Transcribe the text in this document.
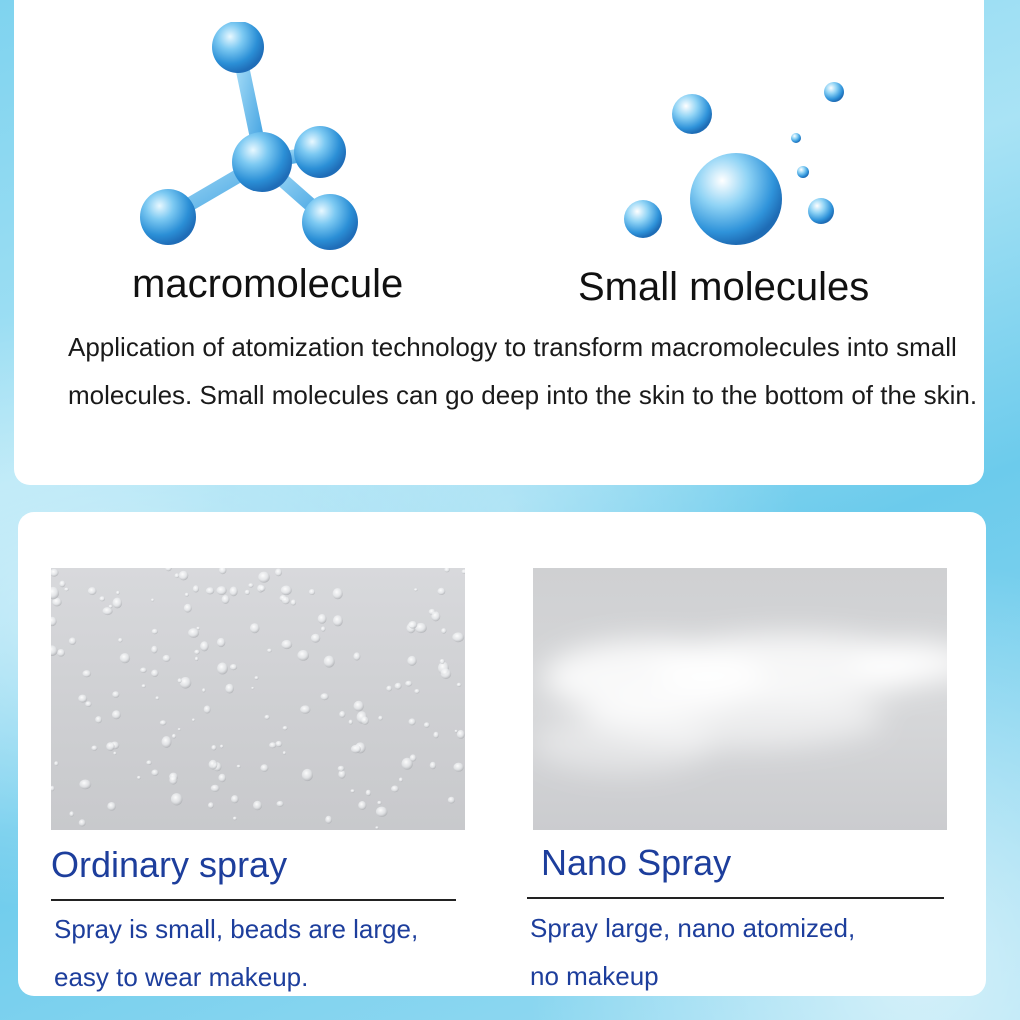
macromolecule	Small molecules
Application of atomization technology to transform macromolecules into small molecules. Small molecules can go deep into the skin to the bottom of the skin.
Ordinary spray
Spray is small, beads are large,
easy to wear makeup.
Nano Spray
Spray large, nano atomized,
no makeup
